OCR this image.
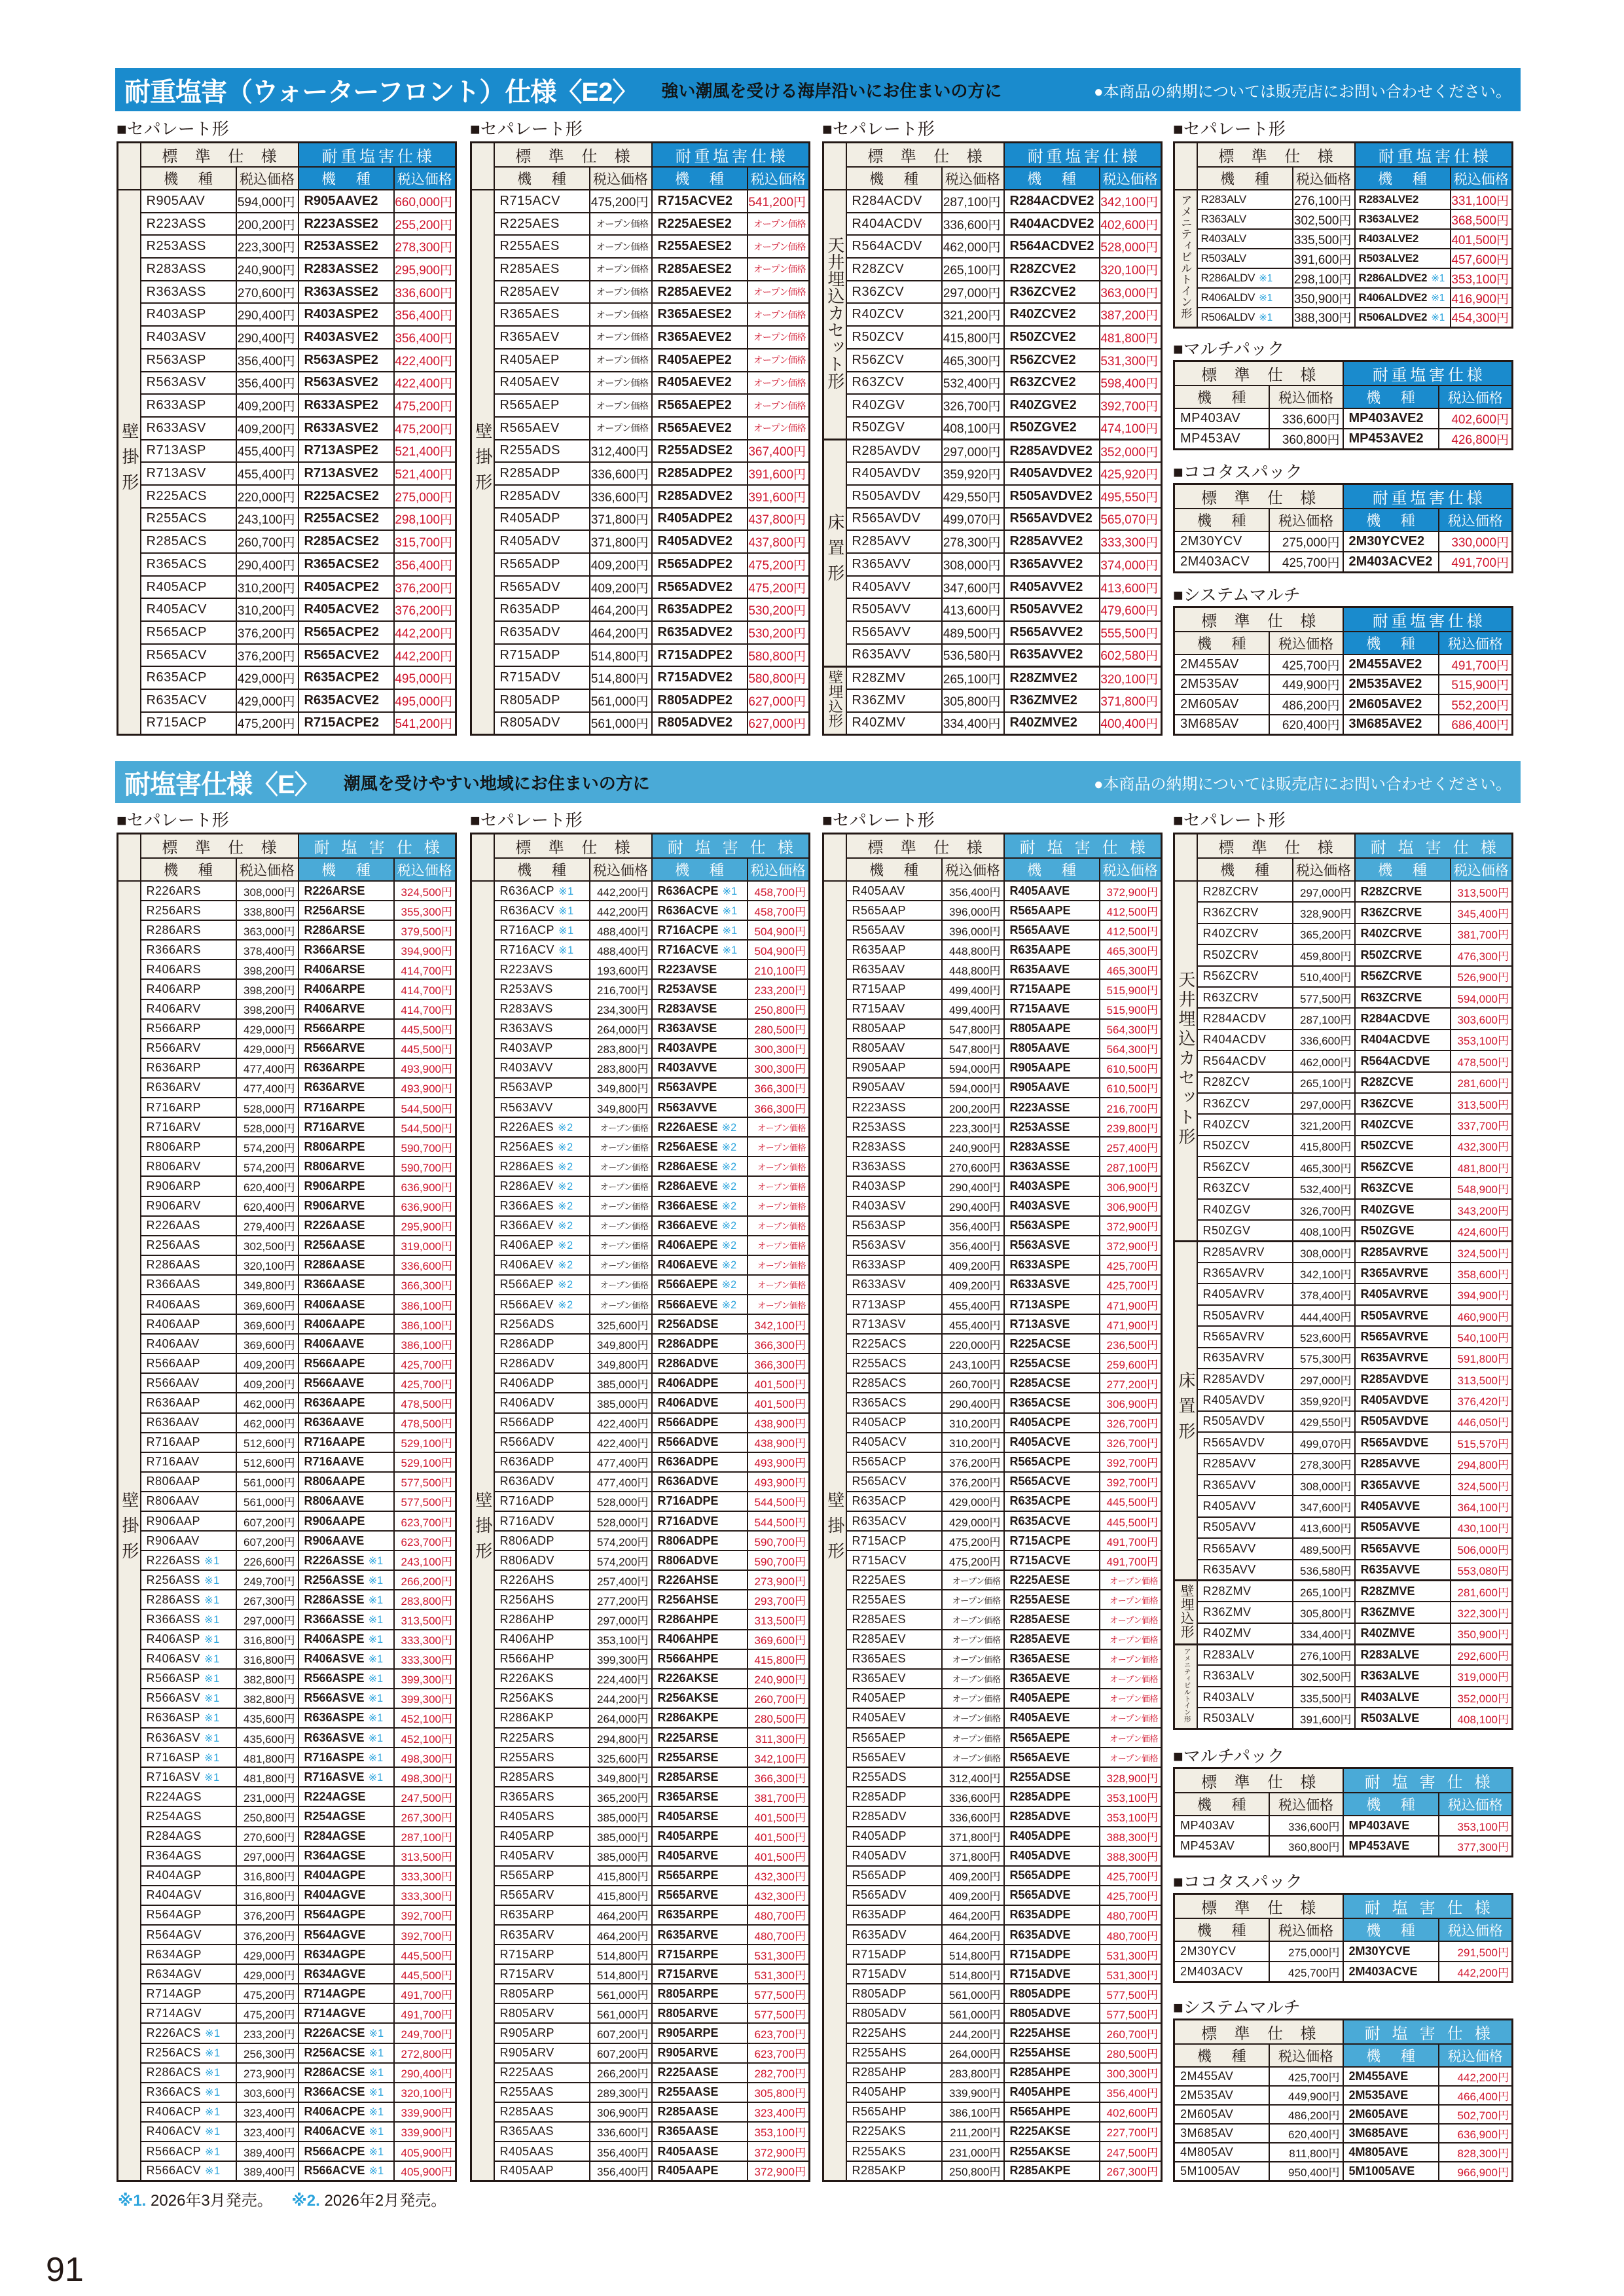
耐重塩害（ウォーターフロント）仕様〈E2〉 強い潮風を受ける海岸沿いにお住まいの方に	●本商品の納期については販売店にお問い合わせください。
耐塩害仕様〈E〉 潮風を受けやすい地域にお住まいの方に	●本商品の納期については販売店にお問い合わせください。
※1. 2026年3月発売。 ※2. 2026年2月発売。
91
■セパレート形
	標準仕様		耐重塩害仕様	
	機種	税込価格	機種	税込価格
壁掛形	R905AAV	594,000円	R905AAVE2	660,000円
	R223ASS	200,200円	R223ASSE2	255,200円
	R253ASS	223,300円	R253ASSE2	278,300円
	R283ASS	240,900円	R283ASSE2	295,900円
	R363ASS	270,600円	R363ASSE2	336,600円
	R403ASP	290,400円	R403ASPE2	356,400円
	R403ASV	290,400円	R403ASVE2	356,400円
	R563ASP	356,400円	R563ASPE2	422,400円
	R563ASV	356,400円	R563ASVE2	422,400円
	R633ASP	409,200円	R633ASPE2	475,200円
	R633ASV	409,200円	R633ASVE2	475,200円
	R713ASP	455,400円	R713ASPE2	521,400円
	R713ASV	455,400円	R713ASVE2	521,400円
	R225ACS	220,000円	R225ACSE2	275,000円
	R255ACS	243,100円	R255ACSE2	298,100円
	R285ACS	260,700円	R285ACSE2	315,700円
	R365ACS	290,400円	R365ACSE2	356,400円
	R405ACP	310,200円	R405ACPE2	376,200円
	R405ACV	310,200円	R405ACVE2	376,200円
	R565ACP	376,200円	R565ACPE2	442,200円
	R565ACV	376,200円	R565ACVE2	442,200円
	R635ACP	429,000円	R635ACPE2	495,000円
	R635ACV	429,000円	R635ACVE2	495,000円
	R715ACP	475,200円	R715ACPE2	541,200円
■セパレート形
	標準仕様		耐重塩害仕様	
	機種	税込価格	機種	税込価格
壁掛形	R715ACV	475,200円	R715ACVE2	541,200円
	R225AES	オープン価格	R225AESE2	オープン価格
	R255AES	オープン価格	R255AESE2	オープン価格
	R285AES	オープン価格	R285AESE2	オープン価格
	R285AEV	オープン価格	R285AEVE2	オープン価格
	R365AES	オープン価格	R365AESE2	オープン価格
	R365AEV	オープン価格	R365AEVE2	オープン価格
	R405AEP	オープン価格	R405AEPE2	オープン価格
	R405AEV	オープン価格	R405AEVE2	オープン価格
	R565AEP	オープン価格	R565AEPE2	オープン価格
	R565AEV	オープン価格	R565AEVE2	オープン価格
	R255ADS	312,400円	R255ADSE2	367,400円
	R285ADP	336,600円	R285ADPE2	391,600円
	R285ADV	336,600円	R285ADVE2	391,600円
	R405ADP	371,800円	R405ADPE2	437,800円
	R405ADV	371,800円	R405ADVE2	437,800円
	R565ADP	409,200円	R565ADPE2	475,200円
	R565ADV	409,200円	R565ADVE2	475,200円
	R635ADP	464,200円	R635ADPE2	530,200円
	R635ADV	464,200円	R635ADVE2	530,200円
	R715ADP	514,800円	R715ADPE2	580,800円
	R715ADV	514,800円	R715ADVE2	580,800円
	R805ADP	561,000円	R805ADPE2	627,000円
	R805ADV	561,000円	R805ADVE2	627,000円
■セパレート形
	標準仕様		耐重塩害仕様	
	機種	税込価格	機種	税込価格
天井埋込カセット形	R284ACDV	287,100円	R284ACDVE2	342,100円
	R404ACDV	336,600円	R404ACDVE2	402,600円
	R564ACDV	462,000円	R564ACDVE2	528,000円
	R28ZCV	265,100円	R28ZCVE2	320,100円
	R36ZCV	297,000円	R36ZCVE2	363,000円
	R40ZCV	321,200円	R40ZCVE2	387,200円
	R50ZCV	415,800円	R50ZCVE2	481,800円
	R56ZCV	465,300円	R56ZCVE2	531,300円
	R63ZCV	532,400円	R63ZCVE2	598,400円
	R40ZGV	326,700円	R40ZGVE2	392,700円
	R50ZGV	408,100円	R50ZGVE2	474,100円
床置形	R285AVDV	297,000円	R285AVDVE2	352,000円
	R405AVDV	359,920円	R405AVDVE2	425,920円
	R505AVDV	429,550円	R505AVDVE2	495,550円
	R565AVDV	499,070円	R565AVDVE2	565,070円
	R285AVV	278,300円	R285AVVE2	333,300円
	R365AVV	308,000円	R365AVVE2	374,000円
	R405AVV	347,600円	R405AVVE2	413,600円
	R505AVV	413,600円	R505AVVE2	479,600円
	R565AVV	489,500円	R565AVVE2	555,500円
	R635AVV	536,580円	R635AVVE2	602,580円
壁埋込形	R28ZMV	265,100円	R28ZMVE2	320,100円
	R36ZMV	305,800円	R36ZMVE2	371,800円
	R40ZMV	334,400円	R40ZMVE2	400,400円
■セパレート形
	標準仕様		耐重塩害仕様	
	機種	税込価格	機種	税込価格
アメニティビルトイン形	R283ALV	276,100円	R283ALVE2	331,100円
	R363ALV	302,500円	R363ALVE2	368,500円
	R403ALV	335,500円	R403ALVE2	401,500円
	R503ALV	391,600円	R503ALVE2	457,600円
	R286ALDV ※1	298,100円	R286ALDVE2 ※1	353,100円
	R406ALDV ※1	350,900円	R406ALDVE2 ※1	416,900円
	R506ALDV ※1	388,300円	R506ALDVE2 ※1	454,300円
■マルチパック
標準仕様		耐重塩害仕様	
機種	税込価格	機種	税込価格
MP403AV	336,600円	MP403AVE2	402,600円
MP453AV	360,800円	MP453AVE2	426,800円
■ココタスパック
標準仕様		耐重塩害仕様	
機種	税込価格	機種	税込価格
2M30YCV	275,000円	2M30YCVE2	330,000円
2M403ACV	425,700円	2M403ACVE2	491,700円
■システムマルチ
標準仕様		耐重塩害仕様	
機種	税込価格	機種	税込価格
2M455AV	425,700円	2M455AVE2	491,700円
2M535AV	449,900円	2M535AVE2	515,900円
2M605AV	486,200円	2M605AVE2	552,200円
3M685AV	620,400円	3M685AVE2	686,400円
■セパレート形
	標準仕様		耐塩害仕様	
	機種	税込価格	機種	税込価格
壁掛形	R226ARS	308,000円	R226ARSE	324,500円
	R256ARS	338,800円	R256ARSE	355,300円
	R286ARS	363,000円	R286ARSE	379,500円
	R366ARS	378,400円	R366ARSE	394,900円
	R406ARS	398,200円	R406ARSE	414,700円
	R406ARP	398,200円	R406ARPE	414,700円
	R406ARV	398,200円	R406ARVE	414,700円
	R566ARP	429,000円	R566ARPE	445,500円
	R566ARV	429,000円	R566ARVE	445,500円
	R636ARP	477,400円	R636ARPE	493,900円
	R636ARV	477,400円	R636ARVE	493,900円
	R716ARP	528,000円	R716ARPE	544,500円
	R716ARV	528,000円	R716ARVE	544,500円
	R806ARP	574,200円	R806ARPE	590,700円
	R806ARV	574,200円	R806ARVE	590,700円
	R906ARP	620,400円	R906ARPE	636,900円
	R906ARV	620,400円	R906ARVE	636,900円
	R226AAS	279,400円	R226AASE	295,900円
	R256AAS	302,500円	R256AASE	319,000円
	R286AAS	320,100円	R286AASE	336,600円
	R366AAS	349,800円	R366AASE	366,300円
	R406AAS	369,600円	R406AASE	386,100円
	R406AAP	369,600円	R406AAPE	386,100円
	R406AAV	369,600円	R406AAVE	386,100円
	R566AAP	409,200円	R566AAPE	425,700円
	R566AAV	409,200円	R566AAVE	425,700円
	R636AAP	462,000円	R636AAPE	478,500円
	R636AAV	462,000円	R636AAVE	478,500円
	R716AAP	512,600円	R716AAPE	529,100円
	R716AAV	512,600円	R716AAVE	529,100円
	R806AAP	561,000円	R806AAPE	577,500円
	R806AAV	561,000円	R806AAVE	577,500円
	R906AAP	607,200円	R906AAPE	623,700円
	R906AAV	607,200円	R906AAVE	623,700円
	R226ASS ※1	226,600円	R226ASSE ※1	243,100円
	R256ASS ※1	249,700円	R256ASSE ※1	266,200円
	R286ASS ※1	267,300円	R286ASSE ※1	283,800円
	R366ASS ※1	297,000円	R366ASSE ※1	313,500円
	R406ASP ※1	316,800円	R406ASPE ※1	333,300円
	R406ASV ※1	316,800円	R406ASVE ※1	333,300円
	R566ASP ※1	382,800円	R566ASPE ※1	399,300円
	R566ASV ※1	382,800円	R566ASVE ※1	399,300円
	R636ASP ※1	435,600円	R636ASPE ※1	452,100円
	R636ASV ※1	435,600円	R636ASVE ※1	452,100円
	R716ASP ※1	481,800円	R716ASPE ※1	498,300円
	R716ASV ※1	481,800円	R716ASVE ※1	498,300円
	R224AGS	231,000円	R224AGSE	247,500円
	R254AGS	250,800円	R254AGSE	267,300円
	R284AGS	270,600円	R284AGSE	287,100円
	R364AGS	297,000円	R364AGSE	313,500円
	R404AGP	316,800円	R404AGPE	333,300円
	R404AGV	316,800円	R404AGVE	333,300円
	R564AGP	376,200円	R564AGPE	392,700円
	R564AGV	376,200円	R564AGVE	392,700円
	R634AGP	429,000円	R634AGPE	445,500円
	R634AGV	429,000円	R634AGVE	445,500円
	R714AGP	475,200円	R714AGPE	491,700円
	R714AGV	475,200円	R714AGVE	491,700円
	R226ACS ※1	233,200円	R226ACSE ※1	249,700円
	R256ACS ※1	256,300円	R256ACSE ※1	272,800円
	R286ACS ※1	273,900円	R286ACSE ※1	290,400円
	R366ACS ※1	303,600円	R366ACSE ※1	320,100円
	R406ACP ※1	323,400円	R406ACPE ※1	339,900円
	R406ACV ※1	323,400円	R406ACVE ※1	339,900円
	R566ACP ※1	389,400円	R566ACPE ※1	405,900円
	R566ACV ※1	389,400円	R566ACVE ※1	405,900円
■セパレート形
	標準仕様		耐塩害仕様	
	機種	税込価格	機種	税込価格
壁掛形	R636ACP ※1	442,200円	R636ACPE ※1	458,700円
	R636ACV ※1	442,200円	R636ACVE ※1	458,700円
	R716ACP ※1	488,400円	R716ACPE ※1	504,900円
	R716ACV ※1	488,400円	R716ACVE ※1	504,900円
	R223AVS	193,600円	R223AVSE	210,100円
	R253AVS	216,700円	R253AVSE	233,200円
	R283AVS	234,300円	R283AVSE	250,800円
	R363AVS	264,000円	R363AVSE	280,500円
	R403AVP	283,800円	R403AVPE	300,300円
	R403AVV	283,800円	R403AVVE	300,300円
	R563AVP	349,800円	R563AVPE	366,300円
	R563AVV	349,800円	R563AVVE	366,300円
	R226AES ※2	オープン価格	R226AESE ※2	オープン価格
	R256AES ※2	オープン価格	R256AESE ※2	オープン価格
	R286AES ※2	オープン価格	R286AESE ※2	オープン価格
	R286AEV ※2	オープン価格	R286AEVE ※2	オープン価格
	R366AES ※2	オープン価格	R366AESE ※2	オープン価格
	R366AEV ※2	オープン価格	R366AEVE ※2	オープン価格
	R406AEP ※2	オープン価格	R406AEPE ※2	オープン価格
	R406AEV ※2	オープン価格	R406AEVE ※2	オープン価格
	R566AEP ※2	オープン価格	R566AEPE ※2	オープン価格
	R566AEV ※2	オープン価格	R566AEVE ※2	オープン価格
	R256ADS	325,600円	R256ADSE	342,100円
	R286ADP	349,800円	R286ADPE	366,300円
	R286ADV	349,800円	R286ADVE	366,300円
	R406ADP	385,000円	R406ADPE	401,500円
	R406ADV	385,000円	R406ADVE	401,500円
	R566ADP	422,400円	R566ADPE	438,900円
	R566ADV	422,400円	R566ADVE	438,900円
	R636ADP	477,400円	R636ADPE	493,900円
	R636ADV	477,400円	R636ADVE	493,900円
	R716ADP	528,000円	R716ADPE	544,500円
	R716ADV	528,000円	R716ADVE	544,500円
	R806ADP	574,200円	R806ADPE	590,700円
	R806ADV	574,200円	R806ADVE	590,700円
	R226AHS	257,400円	R226AHSE	273,900円
	R256AHS	277,200円	R256AHSE	293,700円
	R286AHP	297,000円	R286AHPE	313,500円
	R406AHP	353,100円	R406AHPE	369,600円
	R566AHP	399,300円	R566AHPE	415,800円
	R226AKS	224,400円	R226AKSE	240,900円
	R256AKS	244,200円	R256AKSE	260,700円
	R286AKP	264,000円	R286AKPE	280,500円
	R225ARS	294,800円	R225ARSE	311,300円
	R255ARS	325,600円	R255ARSE	342,100円
	R285ARS	349,800円	R285ARSE	366,300円
	R365ARS	365,200円	R365ARSE	381,700円
	R405ARS	385,000円	R405ARSE	401,500円
	R405ARP	385,000円	R405ARPE	401,500円
	R405ARV	385,000円	R405ARVE	401,500円
	R565ARP	415,800円	R565ARPE	432,300円
	R565ARV	415,800円	R565ARVE	432,300円
	R635ARP	464,200円	R635ARPE	480,700円
	R635ARV	464,200円	R635ARVE	480,700円
	R715ARP	514,800円	R715ARPE	531,300円
	R715ARV	514,800円	R715ARVE	531,300円
	R805ARP	561,000円	R805ARPE	577,500円
	R805ARV	561,000円	R805ARVE	577,500円
	R905ARP	607,200円	R905ARPE	623,700円
	R905ARV	607,200円	R905ARVE	623,700円
	R225AAS	266,200円	R225AASE	282,700円
	R255AAS	289,300円	R255AASE	305,800円
	R285AAS	306,900円	R285AASE	323,400円
	R365AAS	336,600円	R365AASE	353,100円
	R405AAS	356,400円	R405AASE	372,900円
	R405AAP	356,400円	R405AAPE	372,900円
■セパレート形
	標準仕様		耐塩害仕様	
	機種	税込価格	機種	税込価格
壁掛形	R405AAV	356,400円	R405AAVE	372,900円
	R565AAP	396,000円	R565AAPE	412,500円
	R565AAV	396,000円	R565AAVE	412,500円
	R635AAP	448,800円	R635AAPE	465,300円
	R635AAV	448,800円	R635AAVE	465,300円
	R715AAP	499,400円	R715AAPE	515,900円
	R715AAV	499,400円	R715AAVE	515,900円
	R805AAP	547,800円	R805AAPE	564,300円
	R805AAV	547,800円	R805AAVE	564,300円
	R905AAP	594,000円	R905AAPE	610,500円
	R905AAV	594,000円	R905AAVE	610,500円
	R223ASS	200,200円	R223ASSE	216,700円
	R253ASS	223,300円	R253ASSE	239,800円
	R283ASS	240,900円	R283ASSE	257,400円
	R363ASS	270,600円	R363ASSE	287,100円
	R403ASP	290,400円	R403ASPE	306,900円
	R403ASV	290,400円	R403ASVE	306,900円
	R563ASP	356,400円	R563ASPE	372,900円
	R563ASV	356,400円	R563ASVE	372,900円
	R633ASP	409,200円	R633ASPE	425,700円
	R633ASV	409,200円	R633ASVE	425,700円
	R713ASP	455,400円	R713ASPE	471,900円
	R713ASV	455,400円	R713ASVE	471,900円
	R225ACS	220,000円	R225ACSE	236,500円
	R255ACS	243,100円	R255ACSE	259,600円
	R285ACS	260,700円	R285ACSE	277,200円
	R365ACS	290,400円	R365ACSE	306,900円
	R405ACP	310,200円	R405ACPE	326,700円
	R405ACV	310,200円	R405ACVE	326,700円
	R565ACP	376,200円	R565ACPE	392,700円
	R565ACV	376,200円	R565ACVE	392,700円
	R635ACP	429,000円	R635ACPE	445,500円
	R635ACV	429,000円	R635ACVE	445,500円
	R715ACP	475,200円	R715ACPE	491,700円
	R715ACV	475,200円	R715ACVE	491,700円
	R225AES	オープン価格	R225AESE	オープン価格
	R255AES	オープン価格	R255AESE	オープン価格
	R285AES	オープン価格	R285AESE	オープン価格
	R285AEV	オープン価格	R285AEVE	オープン価格
	R365AES	オープン価格	R365AESE	オープン価格
	R365AEV	オープン価格	R365AEVE	オープン価格
	R405AEP	オープン価格	R405AEPE	オープン価格
	R405AEV	オープン価格	R405AEVE	オープン価格
	R565AEP	オープン価格	R565AEPE	オープン価格
	R565AEV	オープン価格	R565AEVE	オープン価格
	R255ADS	312,400円	R255ADSE	328,900円
	R285ADP	336,600円	R285ADPE	353,100円
	R285ADV	336,600円	R285ADVE	353,100円
	R405ADP	371,800円	R405ADPE	388,300円
	R405ADV	371,800円	R405ADVE	388,300円
	R565ADP	409,200円	R565ADPE	425,700円
	R565ADV	409,200円	R565ADVE	425,700円
	R635ADP	464,200円	R635ADPE	480,700円
	R635ADV	464,200円	R635ADVE	480,700円
	R715ADP	514,800円	R715ADPE	531,300円
	R715ADV	514,800円	R715ADVE	531,300円
	R805ADP	561,000円	R805ADPE	577,500円
	R805ADV	561,000円	R805ADVE	577,500円
	R225AHS	244,200円	R225AHSE	260,700円
	R255AHS	264,000円	R255AHSE	280,500円
	R285AHP	283,800円	R285AHPE	300,300円
	R405AHP	339,900円	R405AHPE	356,400円
	R565AHP	386,100円	R565AHPE	402,600円
	R225AKS	211,200円	R225AKSE	227,700円
	R255AKS	231,000円	R255AKSE	247,500円
	R285AKP	250,800円	R285AKPE	267,300円
■セパレート形
	標準仕様		耐塩害仕様	
	機種	税込価格	機種	税込価格
天井埋込カセット形	R28ZCRV	297,000円	R28ZCRVE	313,500円
	R36ZCRV	328,900円	R36ZCRVE	345,400円
	R40ZCRV	365,200円	R40ZCRVE	381,700円
	R50ZCRV	459,800円	R50ZCRVE	476,300円
	R56ZCRV	510,400円	R56ZCRVE	526,900円
	R63ZCRV	577,500円	R63ZCRVE	594,000円
	R284ACDV	287,100円	R284ACDVE	303,600円
	R404ACDV	336,600円	R404ACDVE	353,100円
	R564ACDV	462,000円	R564ACDVE	478,500円
	R28ZCV	265,100円	R28ZCVE	281,600円
	R36ZCV	297,000円	R36ZCVE	313,500円
	R40ZCV	321,200円	R40ZCVE	337,700円
	R50ZCV	415,800円	R50ZCVE	432,300円
	R56ZCV	465,300円	R56ZCVE	481,800円
	R63ZCV	532,400円	R63ZCVE	548,900円
	R40ZGV	326,700円	R40ZGVE	343,200円
	R50ZGV	408,100円	R50ZGVE	424,600円
床置形	R285AVRV	308,000円	R285AVRVE	324,500円
	R365AVRV	342,100円	R365AVRVE	358,600円
	R405AVRV	378,400円	R405AVRVE	394,900円
	R505AVRV	444,400円	R505AVRVE	460,900円
	R565AVRV	523,600円	R565AVRVE	540,100円
	R635AVRV	575,300円	R635AVRVE	591,800円
	R285AVDV	297,000円	R285AVDVE	313,500円
	R405AVDV	359,920円	R405AVDVE	376,420円
	R505AVDV	429,550円	R505AVDVE	446,050円
	R565AVDV	499,070円	R565AVDVE	515,570円
	R285AVV	278,300円	R285AVVE	294,800円
	R365AVV	308,000円	R365AVVE	324,500円
	R405AVV	347,600円	R405AVVE	364,100円
	R505AVV	413,600円	R505AVVE	430,100円
	R565AVV	489,500円	R565AVVE	506,000円
	R635AVV	536,580円	R635AVVE	553,080円
壁埋込形	R28ZMV	265,100円	R28ZMVE	281,600円
	R36ZMV	305,800円	R36ZMVE	322,300円
	R40ZMV	334,400円	R40ZMVE	350,900円
アメニティビルトイン形	R283ALV	276,100円	R283ALVE	292,600円
	R363ALV	302,500円	R363ALVE	319,000円
	R403ALV	335,500円	R403ALVE	352,000円
	R503ALV	391,600円	R503ALVE	408,100円
■マルチパック
標準仕様		耐塩害仕様	
機種	税込価格	機種	税込価格
MP403AV	336,600円	MP403AVE	353,100円
MP453AV	360,800円	MP453AVE	377,300円
■ココタスパック
標準仕様		耐塩害仕様	
機種	税込価格	機種	税込価格
2M30YCV	275,000円	2M30YCVE	291,500円
2M403ACV	425,700円	2M403ACVE	442,200円
■システムマルチ
標準仕様		耐塩害仕様	
機種	税込価格	機種	税込価格
2M455AV	425,700円	2M455AVE	442,200円
2M535AV	449,900円	2M535AVE	466,400円
2M605AV	486,200円	2M605AVE	502,700円
3M685AV	620,400円	3M685AVE	636,900円
4M805AV	811,800円	4M805AVE	828,300円
5M1005AV	950,400円	5M1005AVE	966,900円
